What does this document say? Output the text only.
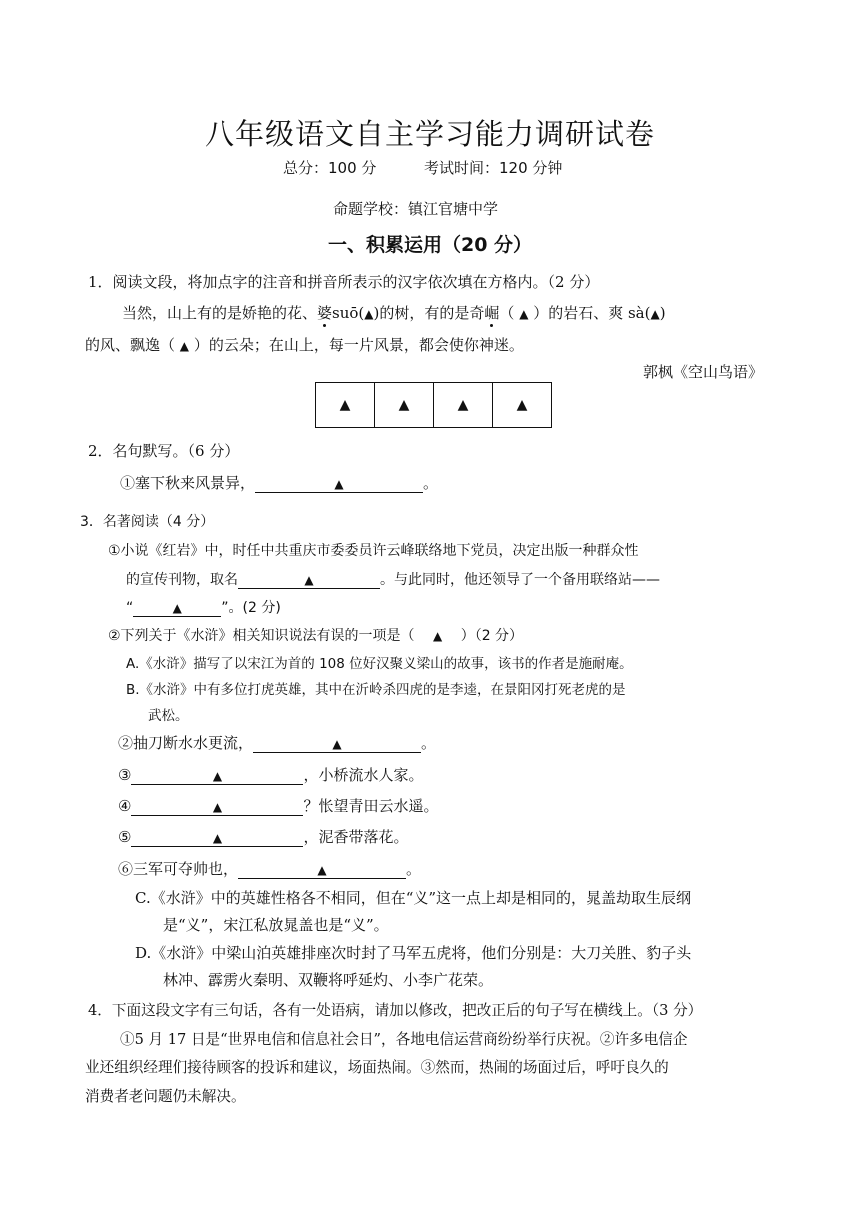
八年级语文自主学习能力调研试卷
总分：100 分	考试时间：120 分钟
命题学校：镇江官塘中学
一、积累运用（20 分）
1．阅读文段，将加点字的注音和拼音所表示的汉字依次填在方格内。（2 分）
当然，山上有的是娇艳的花、婆suō(▲)的树，有的是奇崛（ ▲ ）的岩石、爽 sà(▲)
的风、飘逸（ ▲ ）的云朵；在山上，每一片风景，都会使你神迷。
郭枫《空山鸟语》
▲	▲	▲	▲
2．名句默写。（6 分）
①塞下秋来风景异，	▲	。
3．名著阅读（4 分）
①小说《红岩》中，时任中共重庆市委委员许云峰联络地下党员，决定出版一种群众性
的宣传刊物，取名	▲	。与此同时，他还领导了一个备用联络站——
“	▲	”。(2 分)
②下列关于《水浒》相关知识说法有误的一项是（ ▲ ）（2 分）
A.《水浒》描写了以宋江为首的 108 位好汉聚义梁山的故事，该书的作者是施耐庵。
B.《水浒》中有多位打虎英雄，其中在沂岭杀四虎的是李逵，在景阳冈打死老虎的是
武松。
②抽刀断水水更流，	▲	。
③	▲	，小桥流水人家。
④	▲	？怅望青田云水遥。
⑤	▲	，泥香带落花。
⑥三军可夺帅也，	▲	。
C.《水浒》中的英雄性格各不相同，但在“义”这一点上却是相同的，晁盖劫取生辰纲
是“义”，宋江私放晁盖也是“义”。
D.《水浒》中梁山泊英雄排座次时封了马军五虎将，他们分别是：大刀关胜、豹子头
林冲、霹雳火秦明、双鞭将呼延灼、小李广花荣。
4．下面这段文字有三句话，各有一处语病，请加以修改，把改正后的句子写在横线上。（3 分）
①5 月 17 日是“世界电信和信息社会日”，各地电信运营商纷纷举行庆祝。②许多电信企
业还组织经理们接待顾客的投诉和建议，场面热闹。③然而，热闹的场面过后，呼吁良久的
消费者老问题仍未解决。
